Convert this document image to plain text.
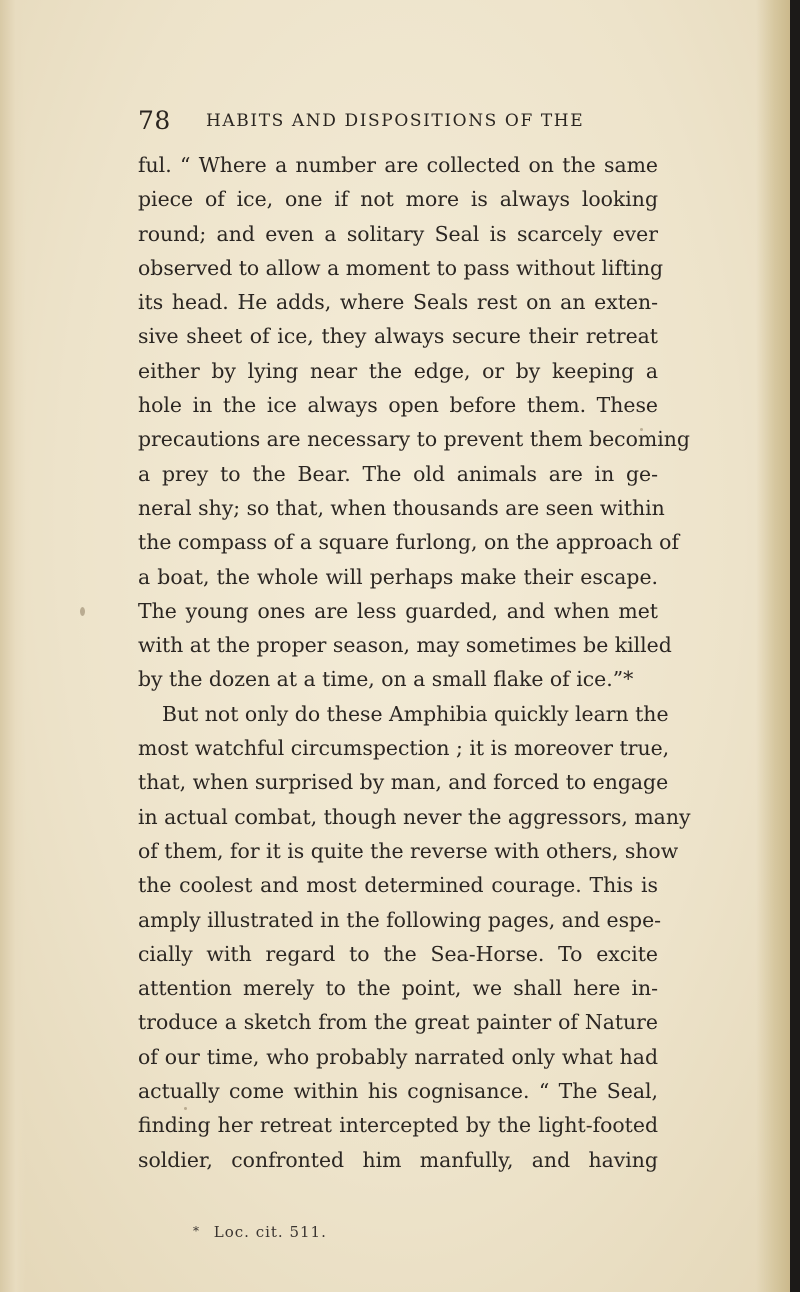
78 HABITS AND DISPOSITIONS OF THE
ful. “ Where a number are collected on the same
piece of ice, one if not more is always looking
round; and even a solitary Seal is scarcely ever
observed to allow a moment to pass without lifting
its head. He adds, where Seals rest on an exten-
sive sheet of ice, they always secure their retreat
either by lying near the edge, or by keeping a
hole in the ice always open before them. These
precautions are necessary to prevent them becoming
a prey to the Bear. The old animals are in ge-
neral shy; so that, when thousands are seen within
the compass of a square furlong, on the approach of
a boat, the whole will perhaps make their escape.
The young ones are less guarded, and when met
with at the proper season, may sometimes be killed
by the dozen at a time, on a small flake of ice.”*
But not only do these Amphibia quickly learn the
most watchful circumspection ; it is moreover true,
that, when surprised by man, and forced to engage
in actual combat, though never the aggressors, many
of them, for it is quite the reverse with others, show
the coolest and most determined courage. This is
amply illustrated in the following pages, and espe-
cially with regard to the Sea-Horse. To excite
attention merely to the point, we shall here in-
troduce a sketch from the great painter of Nature
of our time, who probably narrated only what had
actually come within his cognisance. “ The Seal,
finding her retreat intercepted by the light-footed
soldier, confronted him manfully, and having
* Loc. cit. 511.
